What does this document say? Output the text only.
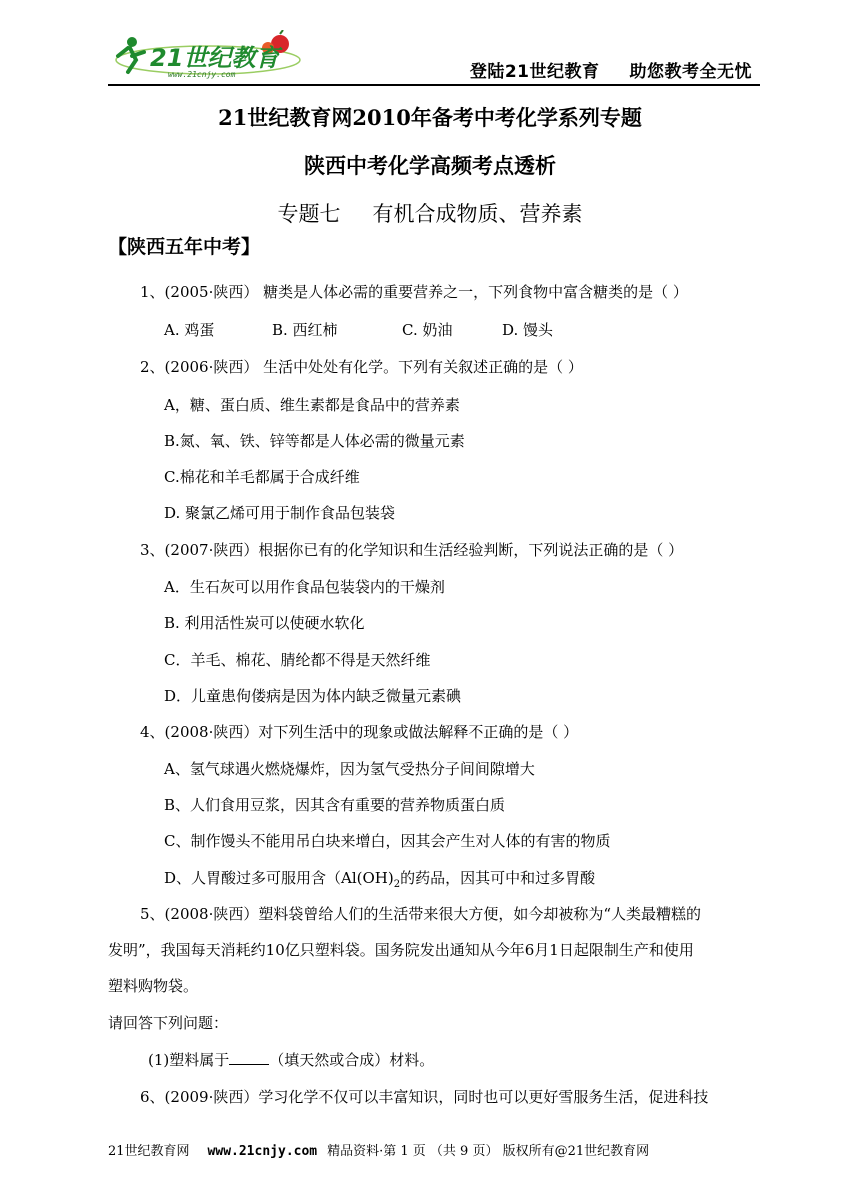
21世纪教育
www.21cnjy.com	登陆21世纪教育 助您教考全无忧
21世纪教育网2010年备考中考化学系列专题
陕西中考化学高频考点透析
专题七 有机合成物质、营养素
【陕西五年中考】
1、(2005·陕西） 糖类是人体必需的重要营养之一，下列食物中富含糖类的是（ ）
A. 鸡蛋	B. 西红柿	C. 奶油	D. 馒头
2、(2006·陕西） 生活中处处有化学。下列有关叙述正确的是（ ）
A，糖、蛋白质、维生素都是食品中的营养素
B.氮、氧、铁、锌等都是人体必需的微量元素
C.棉花和羊毛都属于合成纤维
D. 聚氯乙烯可用于制作食品包装袋
3、(2007·陕西）根据你已有的化学知识和生活经验判断，下列说法正确的是（ ）
A．生石灰可以用作食品包装袋内的干燥剂
B. 利用活性炭可以使硬水软化
C．羊毛、棉花、腈纶都不得是天然纤维
D．儿童患佝偻病是因为体内缺乏微量元素碘
4、(2008·陕西）对下列生活中的现象或做法解释不正确的是（ ）
A、氢气球遇火燃烧爆炸，因为氢气受热分子间间隙增大
B、人们食用豆浆，因其含有重要的营养物质蛋白质
C、制作馒头不能用吊白块来增白，因其会产生对人体的有害的物质
D、人胃酸过多可服用含（$Al(OH)_2$的药品，因其可中和过多胃酸
5、(2008·陕西）塑料袋曾给人们的生活带来很大方便，如今却被称为“人类最糟糕的
发明”，我国每天消耗约10亿只塑料袋。国务院发出通知从今年6月1日起限制生产和使用
塑料购物袋。
请回答下列问题：
(1)塑料属于	（填天然或合成）材料。
6、(2009·陕西）学习化学不仅可以丰富知识，同时也可以更好雪服务生活，促进科技
21世纪教育网 www.21cnjy.com 精品资料·第 1 页 （共 9 页） 版权所有@21世纪教育网
